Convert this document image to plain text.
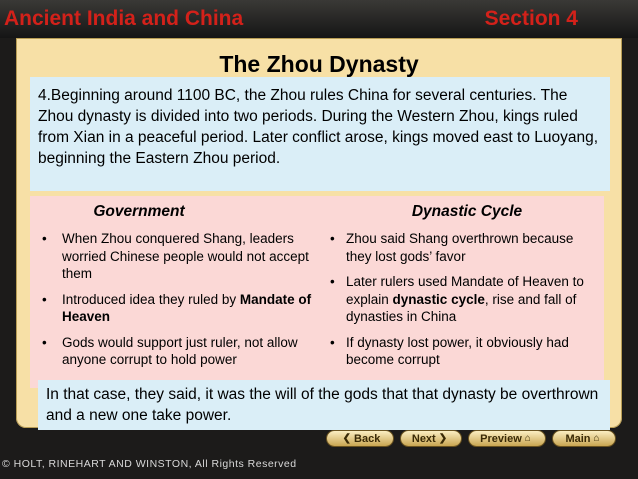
Ancient India and China	Section 4
The Zhou Dynasty
4.Beginning around 1100 BC, the Zhou rules China for several centuries. The Zhou dynasty is divided into two periods. During the Western Zhou, kings ruled from Xian in a peaceful period. Later conflict arose, kings moved east to Luoyang, beginning the Eastern Zhou period.
Government
• When Zhou conquered Shang, leaders worried Chinese people would not accept them
• Introduced idea they ruled by Mandate of Heaven
• Gods would support just ruler, not allow anyone corrupt to hold power
Dynastic Cycle
• Zhou said Shang overthrown because they lost gods’ favor
• Later rulers used Mandate of Heaven to explain dynastic cycle, rise and fall of dynasties in China
• If dynasty lost power, it obviously had become corrupt
In that case, they said, it was the will of the gods that that dynasty be overthrown and a new one take power.
❮ Back	Next ❯	Preview ⌂	Main ⌂
© HOLT, RINEHART AND WINSTON, All Rights Reserved
